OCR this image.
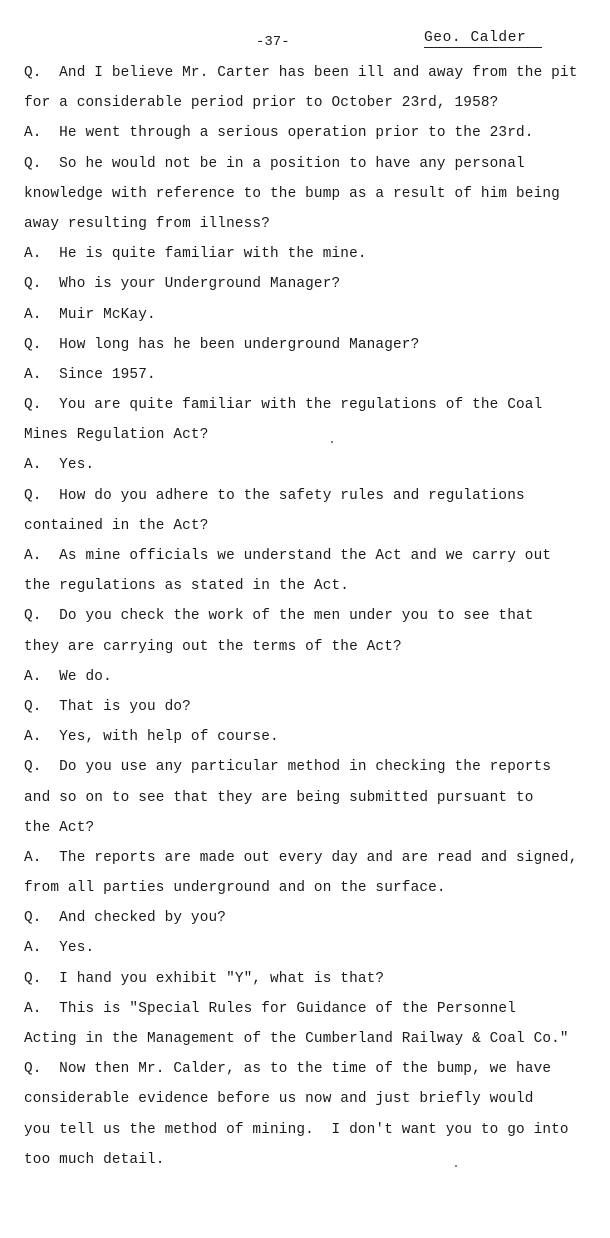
-37-	Geo. Calder
Q.  And I believe Mr. Carter has been ill and away from the pit
for a considerable period prior to October 23rd, 1958?
A.  He went through a serious operation prior to the 23rd.
Q.  So he would not be in a position to have any personal
knowledge with reference to the bump as a result of him being
away resulting from illness?
A.  He is quite familiar with the mine.
Q.  Who is your Underground Manager?
A.  Muir McKay.
Q.  How long has he been underground Manager?
A.  Since 1957.
Q.  You are quite familiar with the regulations of the Coal
Mines Regulation Act?
A.  Yes.
Q.  How do you adhere to the safety rules and regulations
contained in the Act?
A.  As mine officials we understand the Act and we carry out
the regulations as stated in the Act.
Q.  Do you check the work of the men under you to see that
they are carrying out the terms of the Act?
A.  We do.
Q.  That is you do?
A.  Yes, with help of course.
Q.  Do you use any particular method in checking the reports
and so on to see that they are being submitted pursuant to
the Act?
A.  The reports are made out every day and are read and signed,
from all parties underground and on the surface.
Q.  And checked by you?
A.  Yes.
Q.  I hand you exhibit "Y", what is that?
A.  This is "Special Rules for Guidance of the Personnel
Acting in the Management of the Cumberland Railway & Coal Co."
Q.  Now then Mr. Calder, as to the time of the bump, we have
considerable evidence before us now and just briefly would
you tell us the method of mining.  I don't want you to go into
too much detail.
